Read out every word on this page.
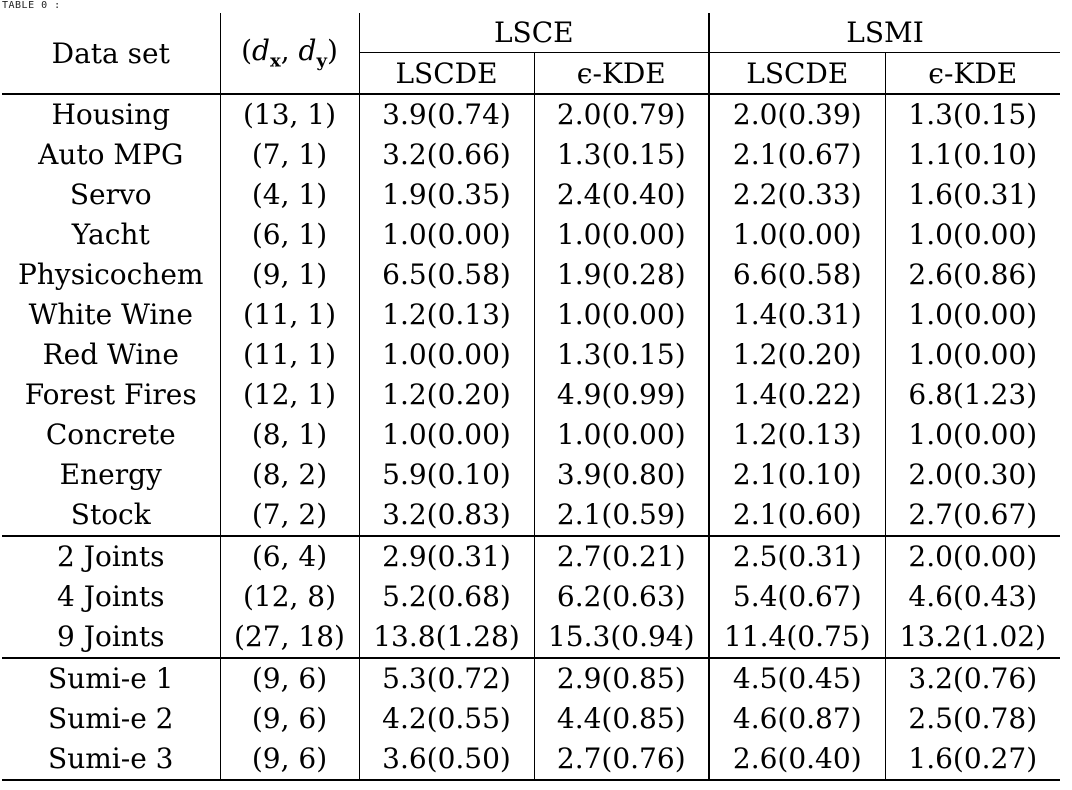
TABLE 0 :
Data set	($d_x$, $d_y$)	LSCE		LSMI	
		LSCDE	ϵ-KDE	LSCDE	ϵ-KDE
Housing	(13, 1)	3.9(0.74)	2.0(0.79)	2.0(0.39)	1.3(0.15)
Auto MPG	(7, 1)	3.2(0.66)	1.3(0.15)	2.1(0.67)	1.1(0.10)
Servo	(4, 1)	1.9(0.35)	2.4(0.40)	2.2(0.33)	1.6(0.31)
Yacht	(6, 1)	1.0(0.00)	1.0(0.00)	1.0(0.00)	1.0(0.00)
Physicochem	(9, 1)	6.5(0.58)	1.9(0.28)	6.6(0.58)	2.6(0.86)
White Wine	(11, 1)	1.2(0.13)	1.0(0.00)	1.4(0.31)	1.0(0.00)
Red Wine	(11, 1)	1.0(0.00)	1.3(0.15)	1.2(0.20)	1.0(0.00)
Forest Fires	(12, 1)	1.2(0.20)	4.9(0.99)	1.4(0.22)	6.8(1.23)
Concrete	(8, 1)	1.0(0.00)	1.0(0.00)	1.2(0.13)	1.0(0.00)
Energy	(8, 2)	5.9(0.10)	3.9(0.80)	2.1(0.10)	2.0(0.30)
Stock	(7, 2)	3.2(0.83)	2.1(0.59)	2.1(0.60)	2.7(0.67)
2 Joints	(6, 4)	2.9(0.31)	2.7(0.21)	2.5(0.31)	2.0(0.00)
4 Joints	(12, 8)	5.2(0.68)	6.2(0.63)	5.4(0.67)	4.6(0.43)
9 Joints	(27, 18)	13.8(1.28)	15.3(0.94)	11.4(0.75)	13.2(1.02)
Sumi-e 1	(9, 6)	5.3(0.72)	2.9(0.85)	4.5(0.45)	3.2(0.76)
Sumi-e 2	(9, 6)	4.2(0.55)	4.4(0.85)	4.6(0.87)	2.5(0.78)
Sumi-e 3	(9, 6)	3.6(0.50)	2.7(0.76)	2.6(0.40)	1.6(0.27)
